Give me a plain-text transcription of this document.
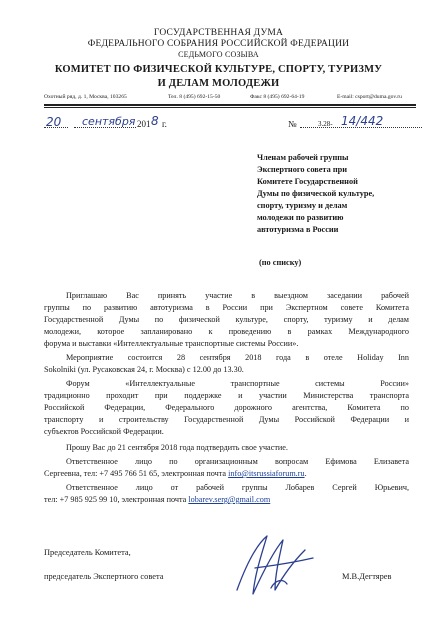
ГОСУДАРСТВЕННАЯ ДУМА
ФЕДЕРАЛЬНОГО СОБРАНИЯ РОССИЙСКОЙ ФЕДЕРАЦИИ
СЕДЬМОГО СОЗЫВА
КОМИТЕТ ПО ФИЗИЧЕСКОЙ КУЛЬТУРЕ, СПОРТУ, ТУРИЗМУ
И ДЕЛАМ МОЛОДЕЖИ
Охотный ряд, д. 1, Москва, 103265	Тел. 8 (495) 692-15-50	Факс 8 (495) 692-64-19	E-mail: csport@duma.gov.ru
20 сентября 201 8 г.	№	3.28- 14/442
Членам рабочей группы
Экспертного совета при
Комитете Государственной
Думы по физической культуре,
спорту, туризму и делам
молодежи по развитию
автотуризма в России
(по списку)
Приглашаю Вас принять участие в выездном заседании рабочей
группы по развитию автотуризма в России при Экспертном совете Комитета
Государственной Думы по физической культуре, спорту, туризму и делам
молодежи, которое запланировано к проведению в рамках Международного
форума и выставки «Интеллектуальные транспортные системы России».
Мероприятие состоится 28 сентября 2018 года в отеле Holiday Inn
Sokolniki (ул. Русаковская 24, г. Москва) с 12.00 до 13.30.
Форум «Интеллектуальные транспортные системы России»
традиционно проходит при поддержке и участии Министерства транспорта
Российской Федерации, Федерального дорожного агентства, Комитета по
транспорту и строительству Государственной Думы Российской Федерации и
субъектов Российской Федерации.
Прошу Вас до 21 сентября 2018 года подтвердить свое участие.
Ответственное лицо по организационным вопросам Ефимова Елизавета
Сергеевна, тел: +7 495 766 51 65, электронная почта info@itsrussiaforum.ru.
Ответственное лицо от рабочей группы Лобарев Сергей Юрьевич,
тел: +7 985 925 99 10, электронная почта lobarev.serg@gmail.com
Председатель Комитета,
председатель Экспертного совета	М.В.Дегтярев
